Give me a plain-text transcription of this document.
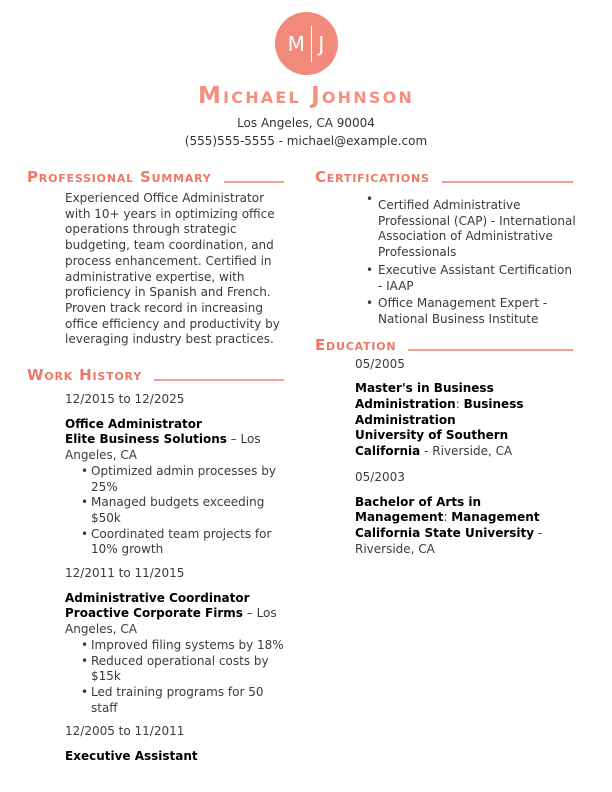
M J
Michael Johnson
Los Angeles, CA 90004
(555)555-5555 - michael@example.com
Professional Summary

Experienced Office Administrator with 10+ years in optimizing office operations through strategic budgeting, team coordination, and process enhancement. Certified in administrative expertise, with proficiency in Spanish and French. Proven track record in increasing office efficiency and productivity by leveraging industry best practices.

Work History

12/2015 to 12/2025

Office Administrator
Elite Business Solutions – Los Angeles, CA

• Optimized admin processes by 25%
• Managed budgets exceeding $50k
• Coordinated team projects for 10% growth

12/2011 to 11/2015

Administrative Coordinator
Proactive Corporate Firms – Los Angeles, CA

• Improved filing systems by 18%
• Reduced operational costs by $15k
• Led training programs for 50 staff

12/2005 to 11/2011

Executive Assistant

Certifications
• Certified Administrative Professional (CAP) - International Association of Administrative Professionals
• Executive Assistant Certification - IAAP
• Office Management Expert - National Business Institute
Education

05/2005

Master's in Business Administration: Business Administration
University of Southern California - Riverside, CA

05/2003

Bachelor of Arts in Management: Management
California State University - Riverside, CA
